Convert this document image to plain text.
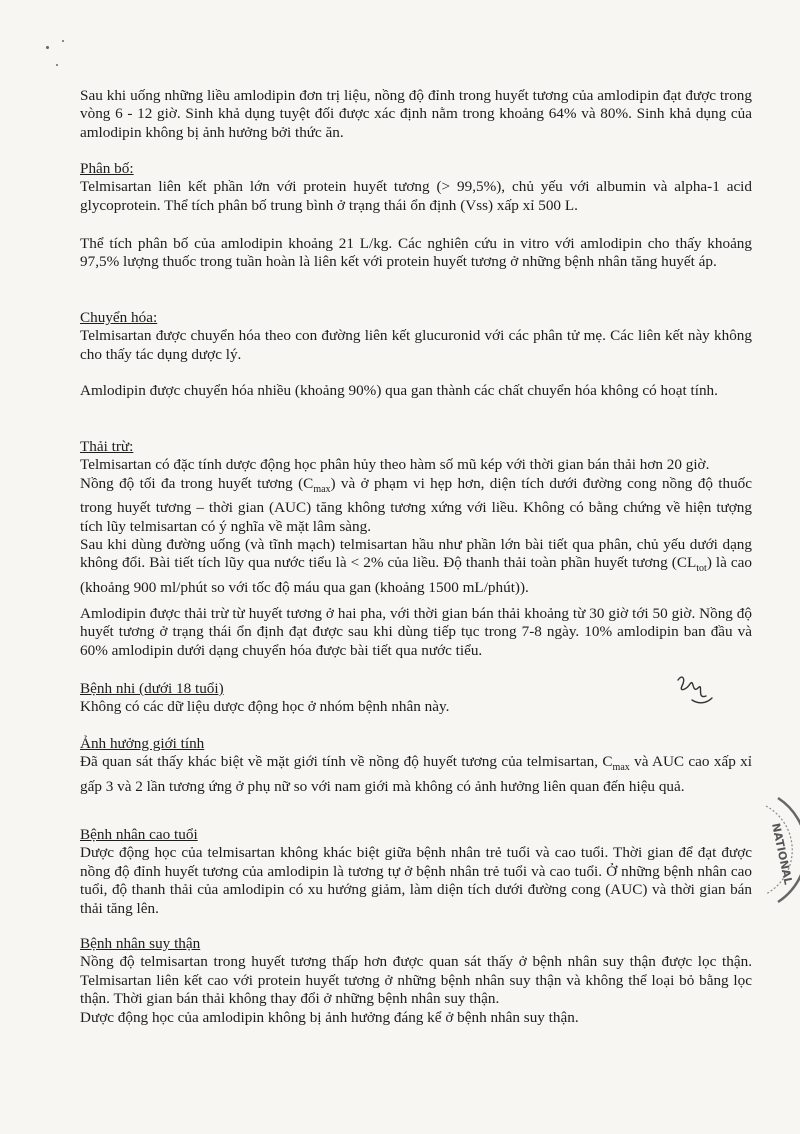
Sau khi uống những liều amlodipin đơn trị liệu, nồng độ đỉnh trong huyết tương của amlodipin đạt được trong vòng 6 - 12 giờ. Sinh khả dụng tuyệt đối được xác định nằm trong khoảng 64% và 80%. Sinh khả dụng của amlodipin không bị ảnh hưởng bởi thức ăn.

Phân bố:

Telmisartan liên kết phần lớn với protein huyết tương (> 99,5%), chủ yếu với albumin và alpha-1 acid glycoprotein. Thể tích phân bố trung bình ở trạng thái ổn định (Vss) xấp xỉ 500 L.

Thể tích phân bố của amlodipin khoảng 21 L/kg. Các nghiên cứu in vitro với amlodipin cho thấy khoảng 97,5% lượng thuốc trong tuần hoàn là liên kết với protein huyết tương ở những bệnh nhân tăng huyết áp.

Chuyển hóa:

Telmisartan được chuyển hóa theo con đường liên kết glucuronid với các phân tử mẹ. Các liên kết này không cho thấy tác dụng dược lý.

Amlodipin được chuyển hóa nhiều (khoảng 90%) qua gan thành các chất chuyển hóa không có hoạt tính.

Thải trừ:

Telmisartan có đặc tính dược động học phân hủy theo hàm số mũ kép với thời gian bán thải hơn 20 giờ.

Nồng độ tối đa trong huyết tương $(C_{max})$ và ở phạm vi hẹp hơn, diện tích dưới đường cong nồng độ thuốc trong huyết tương – thời gian (AUC) tăng không tương xứng với liều. Không có bằng chứng về hiện tượng tích lũy telmisartan có ý nghĩa về mặt lâm sàng.

Sau khi dùng đường uống (và tĩnh mạch) telmisartan hầu như phần lớn bài tiết qua phân, chủ yếu dưới dạng không đổi. Bài tiết tích lũy qua nước tiểu là < 2% của liều. Độ thanh thải toàn phần huyết tương $(CL_{tot})$ là cao (khoảng 900 ml/phút so với tốc độ máu qua gan (khoảng 1500 mL/phút)).

Amlodipin được thải trừ từ huyết tương ở hai pha, với thời gian bán thải khoảng từ 30 giờ tới 50 giờ. Nồng độ huyết tương ở trạng thái ổn định đạt được sau khi dùng tiếp tục trong 7-8 ngày. 10% amlodipin ban đầu và 60% amlodipin dưới dạng chuyển hóa được bài tiết qua nước tiểu.

Bệnh nhi (dưới 18 tuổi)

Không có các dữ liệu dược động học ở nhóm bệnh nhân này.

Ảnh hưởng giới tính

Đã quan sát thấy khác biệt về mặt giới tính về nồng độ huyết tương của telmisartan, $C_{max}$ và AUC cao xấp xỉ gấp 3 và 2 lần tương ứng ở phụ nữ so với nam giới mà không có ảnh hưởng liên quan đến hiệu quả.

Bệnh nhân cao tuổi

Dược động học của telmisartan không khác biệt giữa bệnh nhân trẻ tuổi và cao tuổi. Thời gian để đạt được nồng độ đỉnh huyết tương của amlodipin là tương tự ở bệnh nhân trẻ tuổi và cao tuổi. Ở những bệnh nhân cao tuổi, độ thanh thải của amlodipin có xu hướng giảm, làm diện tích dưới đường cong (AUC) và thời gian bán thải tăng lên.

Bệnh nhân suy thận

Nồng độ telmisartan trong huyết tương thấp hơn được quan sát thấy ở bệnh nhân suy thận được lọc thận. Telmisartan liên kết cao với protein huyết tương ở những bệnh nhân suy thận và không thể loại bỏ bằng lọc thận. Thời gian bán thải không thay đổi ở những bệnh nhân suy thận.

Dược động học của amlodipin không bị ảnh hưởng đáng kể ở bệnh nhân suy thận.

NATIONAL
